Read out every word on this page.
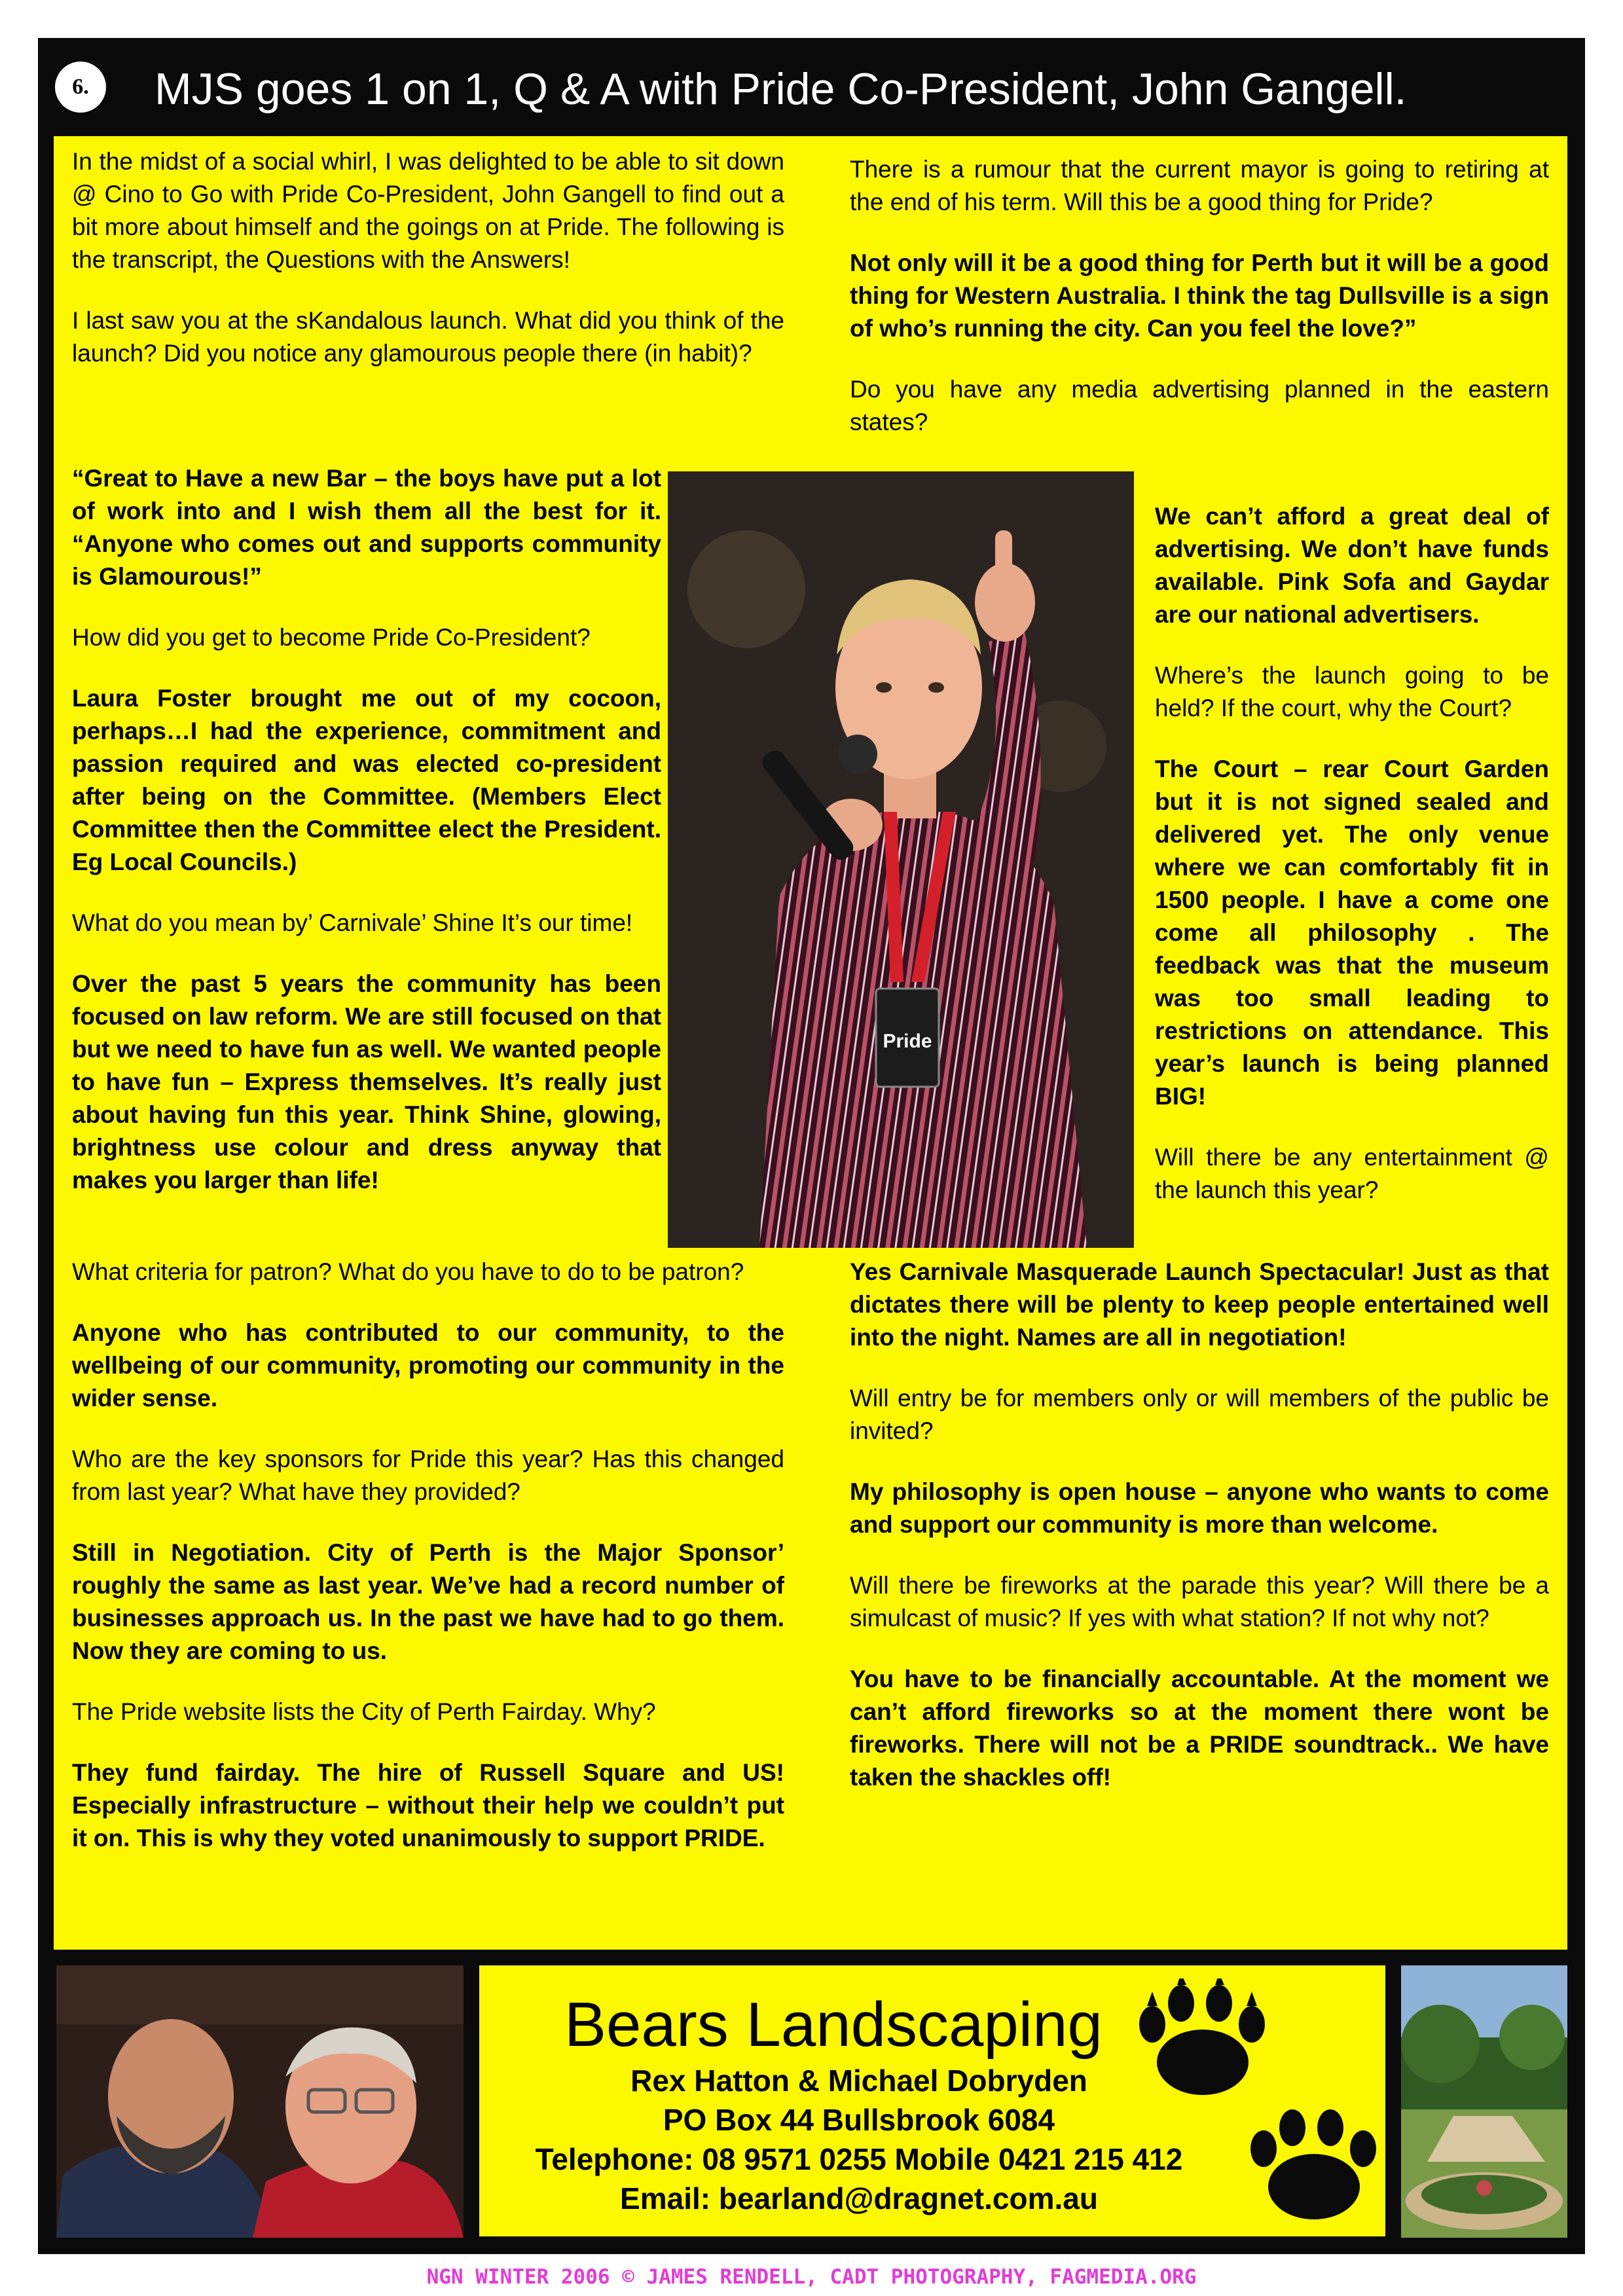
6.	MJS goes 1 on 1, Q & A with Pride Co-President, John Gangell.

In the midst of a social whirl, I was delighted to be able to sit down @ Cino to Go with Pride Co-President, John Gangell to find out a bit more about himself and the goings on at Pride. The following is the transcript, the Questions with the Answers!

I last saw you at the sKandalous launch. What did you think of the launch? Did you notice any glamourous people there (in habit)?

“Great to Have a new Bar – the boys have put a lot of work into and I wish them all the best for it. “Anyone who comes out and supports community is Glamourous!”

How did you get to become Pride Co-President?

Laura Foster brought me out of my cocoon, perhaps…I had the experience, commitment and passion required and was elected co-president after being on the Committee. (Members Elect Committee then the Committee elect the President. Eg Local Councils.)

What do you mean by’ Carnivale’ Shine It’s our time!

Over the past 5 years the community has been focused on law reform. We are still focused on that but we need to have fun as well. We wanted people to have fun – Express themselves. It’s really just about having fun this year. Think Shine, glowing, brightness use colour and dress anyway that makes you larger than life!

What criteria for patron? What do you have to do to be patron?

Anyone who has contributed to our community, to the wellbeing of our community, promoting our community in the wider sense.

Who are the key sponsors for Pride this year? Has this changed from last year? What have they provided?

Still in Negotiation. City of Perth is the Major Sponsor’ roughly the same as last year. We’ve had a record number of businesses approach us. In the past we have had to go them. Now they are coming to us.

The Pride website lists the City of Perth Fairday. Why?

They fund fairday. The hire of Russell Square and US! Especially infrastructure – without their help we couldn’t put it on. This is why they voted unanimously to support PRIDE.

There is a rumour that the current mayor is going to retiring at the end of his term. Will this be a good thing for Pride?

Not only will it be a good thing for Perth but it will be a good thing for Western Australia. I think the tag Dullsville is a sign of who’s running the city. Can you feel the love?”

Do you have any media advertising planned in the eastern states?

We can’t afford a great deal of advertising. We don’t have funds available. Pink Sofa and Gaydar are our national advertisers.

Where’s the launch going to be held? If the court, why the Court?

The Court – rear Court Garden but it is not signed sealed and delivered yet. The only venue where we can comfortably fit in 1500 people. I have a come one come all philosophy . The feedback was that the museum was too small leading to restrictions on attendance. This year’s launch is being planned BIG!

Will there be any entertainment @ the launch this year?

Yes Carnivale Masquerade Launch Spectacular! Just as that dictates there will be plenty to keep people entertained well into the night. Names are all in negotiation!

Will entry be for members only or will members of the public be invited?

My philosophy is open house – anyone who wants to come and support our community is more than welcome.

Will there be fireworks at the parade this year? Will there be a simulcast of music? If yes with what station? If not why not?

You have to be financially accountable. At the moment we can’t afford fireworks so at the moment there wont be fireworks. There will not be a PRIDE soundtrack.. We have taken the shackles off!

Pride
Bears Landscaping
Rex Hatton & Michael Dobryden
PO Box 44 Bullsbrook 6084
Telephone: 08 9571 0255 Mobile 0421 215 412
Email: bearland@dragnet.com.au
NGN WINTER 2006 © JAMES RENDELL, CADT PHOTOGRAPHY, FAGMEDIA.ORG
